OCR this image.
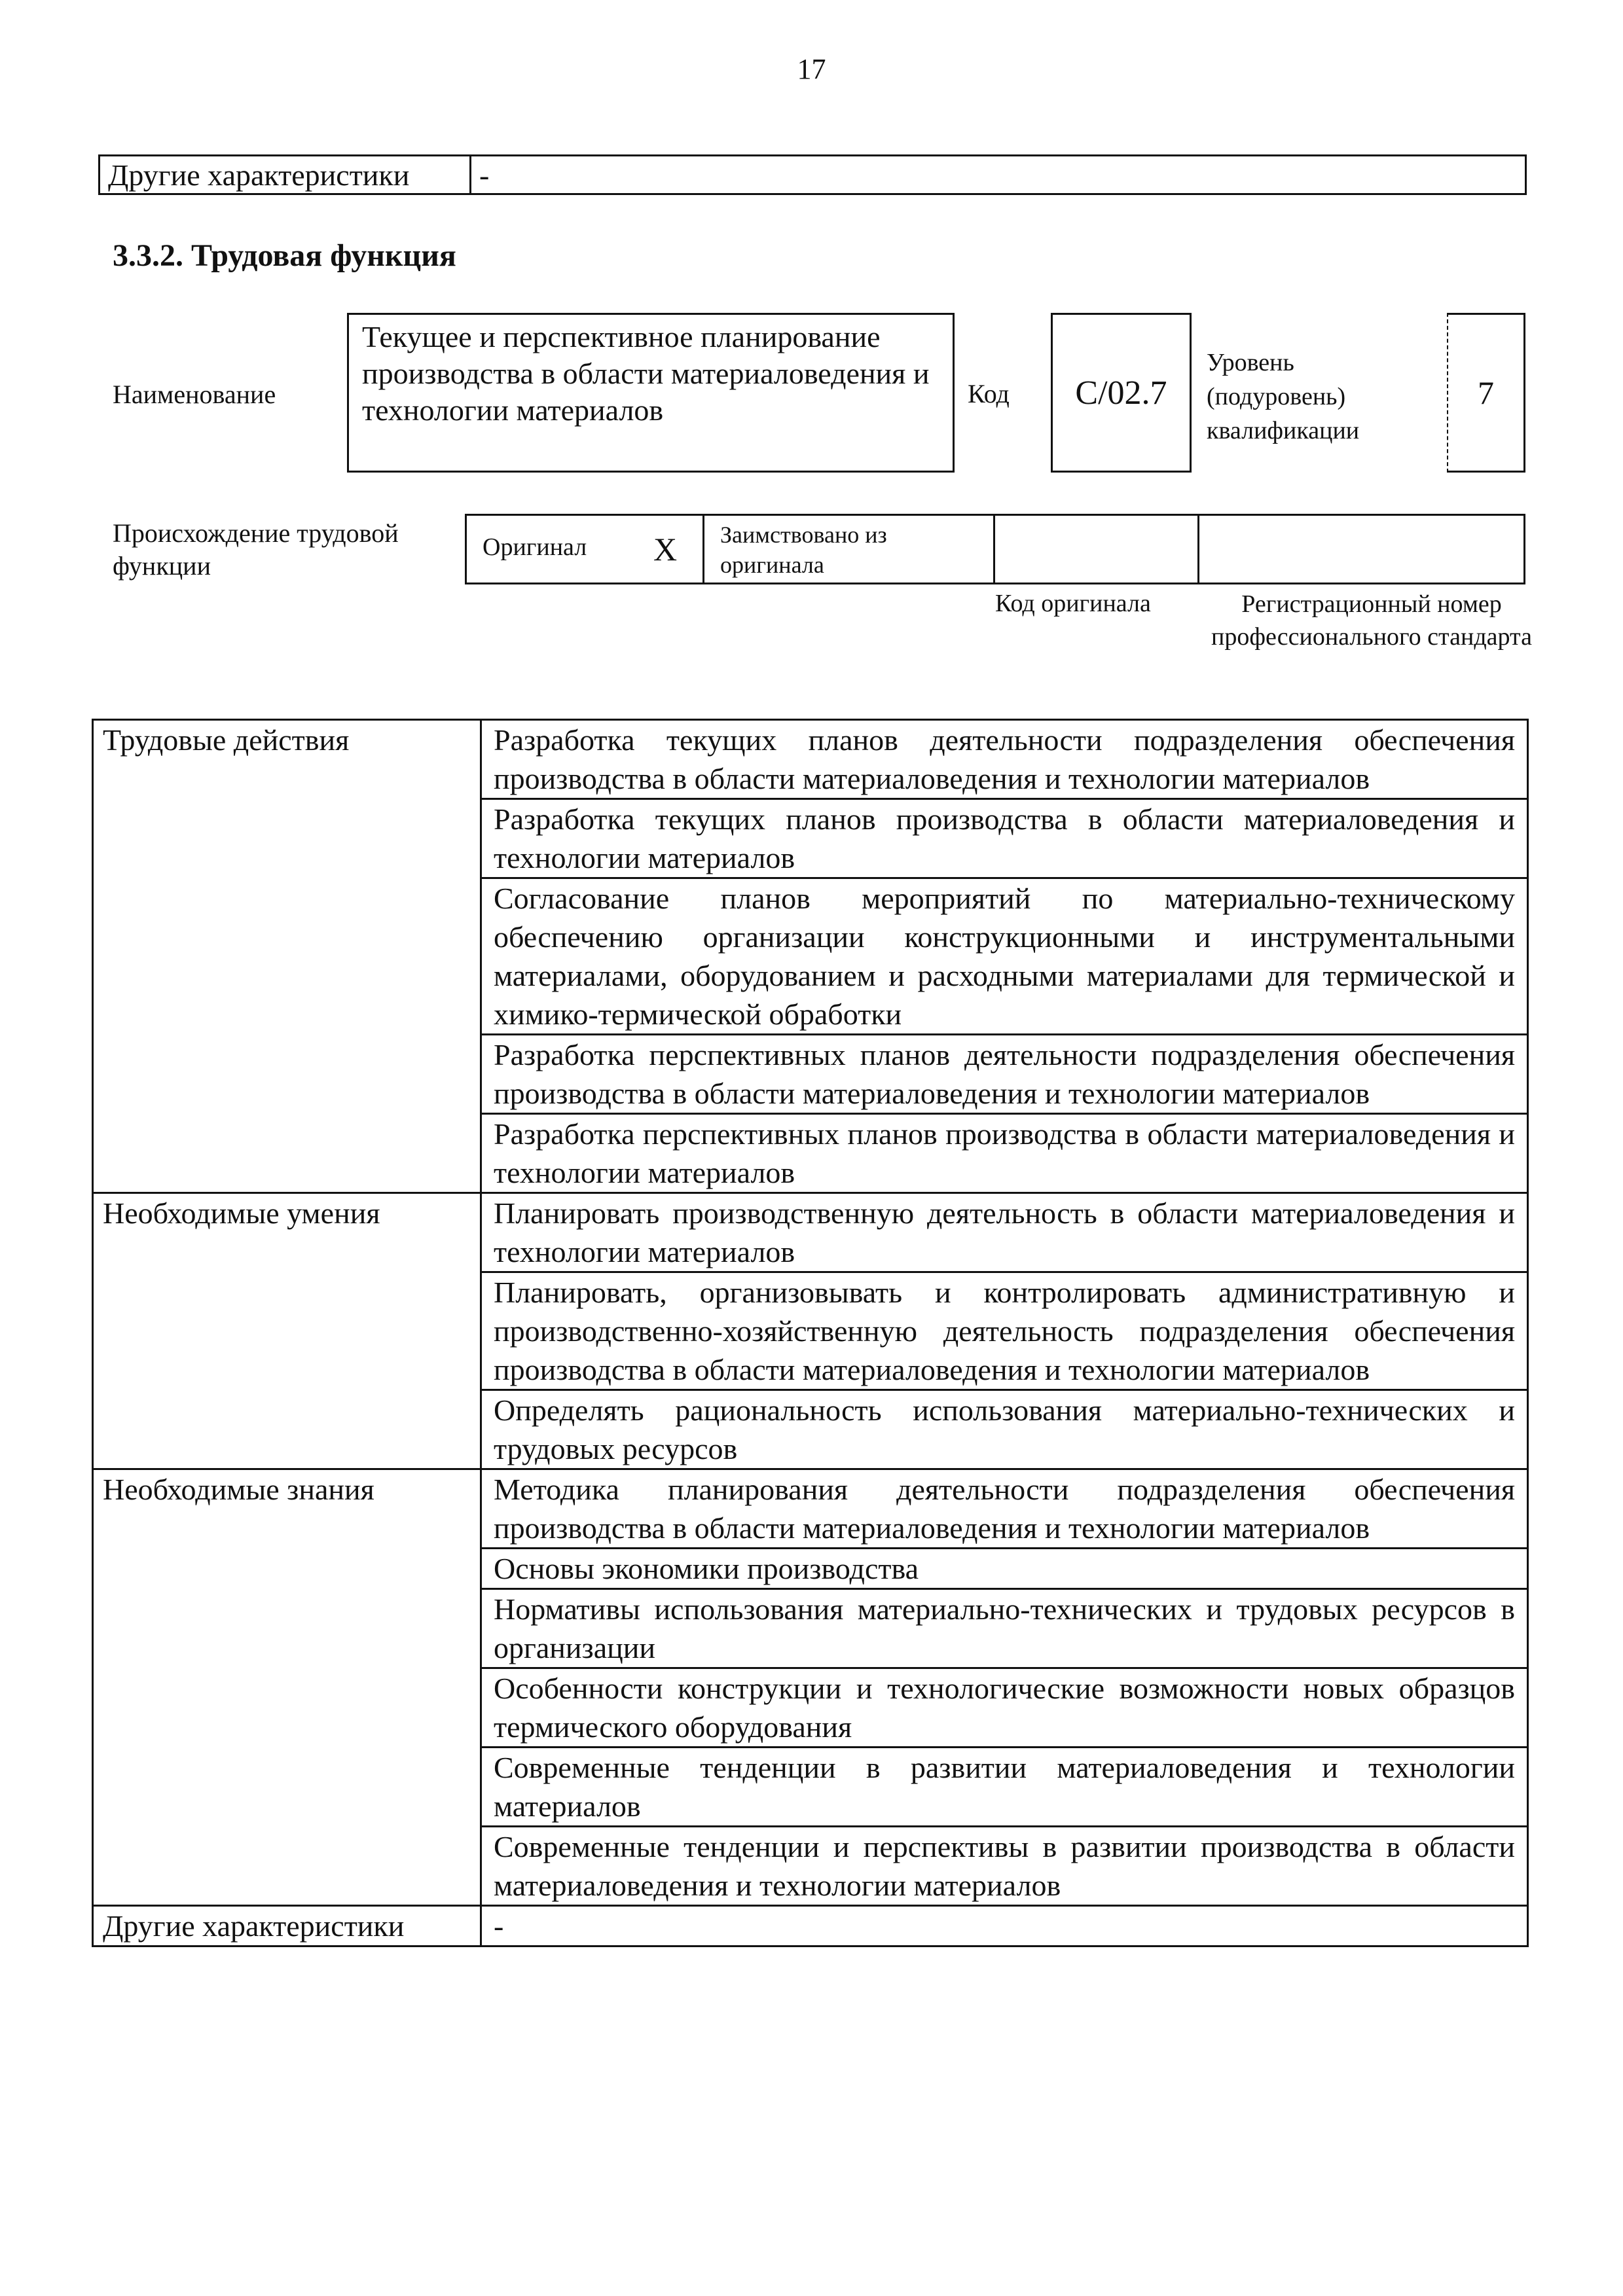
17
Другие характеристики	-
3.3.2. Трудовая функция
Наименование
Текущее и перспективное планирование производства в области материаловедения и технологии материалов	Код	С/02.7
Уровень (подуровень) квалификации
7
Происхождение трудовой функции
Оригинал	X	Заимствовано из оригинала
Код оригинала	Регистрационный номер профессионального стандарта
Трудовые действия	Разработка текущих планов деятельности подразделения обеспечения производства в области материаловедения и технологии материалов
	Разработка текущих планов производства в области материаловедения и технологии материалов
	Согласование планов мероприятий по материально-техническому обеспечению организации конструкционными и инструментальными материалами, оборудованием и расходными материалами для термической и химико-термической обработки
	Разработка перспективных планов деятельности подразделения обеспечения производства в области материаловедения и технологии материалов
	Разработка перспективных планов производства в области материаловедения и технологии материалов
Необходимые умения	Планировать производственную деятельность в области материаловедения и технологии материалов
	Планировать, организовывать и контролировать административную и производственно-хозяйственную деятельность подразделения обеспечения производства в области материаловедения и технологии материалов
	Определять рациональность использования материально-технических и трудовых ресурсов
Необходимые знания	Методика планирования деятельности подразделения обеспечения производства в области материаловедения и технологии материалов
	Основы экономики производства
	Нормативы использования материально-технических и трудовых ресурсов в организации
	Особенности конструкции и технологические возможности новых образцов термического оборудования
	Современные тенденции в развитии материаловедения и технологии материалов
	Современные тенденции и перспективы в развитии производства в области материаловедения и технологии материалов
Другие характеристики	-
